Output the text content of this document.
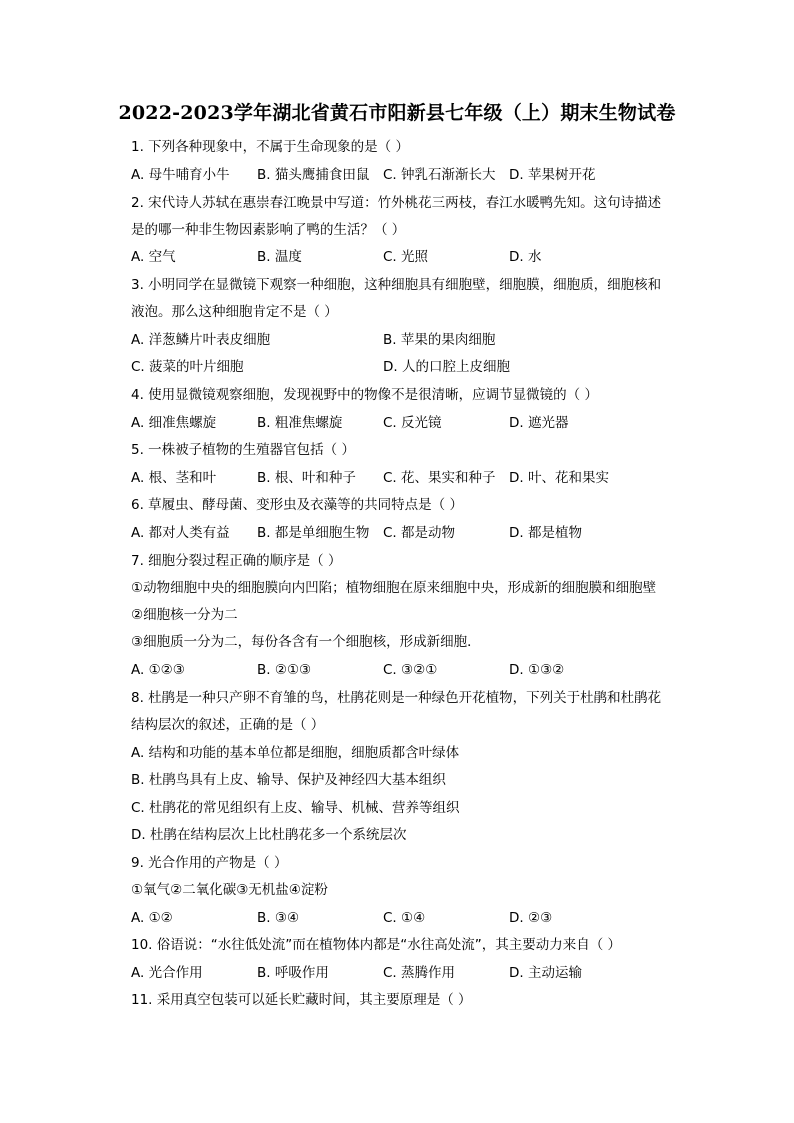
2022-2023学年湖北省黄石市阳新县七年级（上）期末生物试卷
1. 下列各种现象中，不属于生命现象的是（ ）
A. 母牛哺育小牛 B. 猫头鹰捕食田鼠 C. 钟乳石渐渐长大 D. 苹果树开花
2. 宋代诗人苏轼在惠崇春江晚景中写道：竹外桃花三两枝，春江水暖鸭先知。这句诗描述
是的哪一种非生物因素影响了鸭的生活？（ ）
A. 空气	B. 温度	C. 光照	D. 水
3. 小明同学在显微镜下观察一种细胞，这种细胞具有细胞壁，细胞膜，细胞质，细胞核和
液泡。那么这种细胞肯定不是（ ）
A. 洋葱鳞片叶表皮细胞	B. 苹果的果肉细胞
C. 菠菜的叶片细胞	D. 人的口腔上皮细胞
4. 使用显微镜观察细胞，发现视野中的物像不是很清晰，应调节显微镜的（ ）
A. 细准焦螺旋	B. 粗准焦螺旋	C. 反光镜	D. 遮光器
5. 一株被子植物的生殖器官包括（ ）
A. 根、茎和叶	B. 根、叶和种子 C. 花、果实和种子 D. 叶、花和果实
6. 草履虫、酵母菌、变形虫及衣藻等的共同特点是（ ）
A. 都对人类有益 B. 都是单细胞生物 C. 都是动物	D. 都是植物
7. 细胞分裂过程正确的顺序是（ ）
①动物细胞中央的细胞膜向内凹陷；植物细胞在原来细胞中央，形成新的细胞膜和细胞壁
②细胞核一分为二
③细胞质一分为二，每份各含有一个细胞核，形成新细胞．
A. ①②③	B. ②①③	C. ③②①	D. ①③②
8. 杜鹃是一种只产卵不育雏的鸟，杜鹃花则是一种绿色开花植物，下列关于杜鹃和杜鹃花
结构层次的叙述，正确的是（ ）
A. 结构和功能的基本单位都是细胞，细胞质都含叶绿体
B. 杜鹃鸟具有上皮、输导、保护及神经四大基本组织
C. 杜鹃花的常见组织有上皮、输导、机械、营养等组织
D. 杜鹃在结构层次上比杜鹃花多一个系统层次
9. 光合作用的产物是（ ）
①氧气②二氧化碳③无机盐④淀粉
A. ①②	B. ③④	C. ①④	D. ②③
10. 俗语说：“水往低处流”而在植物体内都是“水往高处流”，其主要动力来自（ ）
A. 光合作用	B. 呼吸作用	C. 蒸腾作用	D. 主动运输
11. 采用真空包装可以延长贮藏时间，其主要原理是（ ）
